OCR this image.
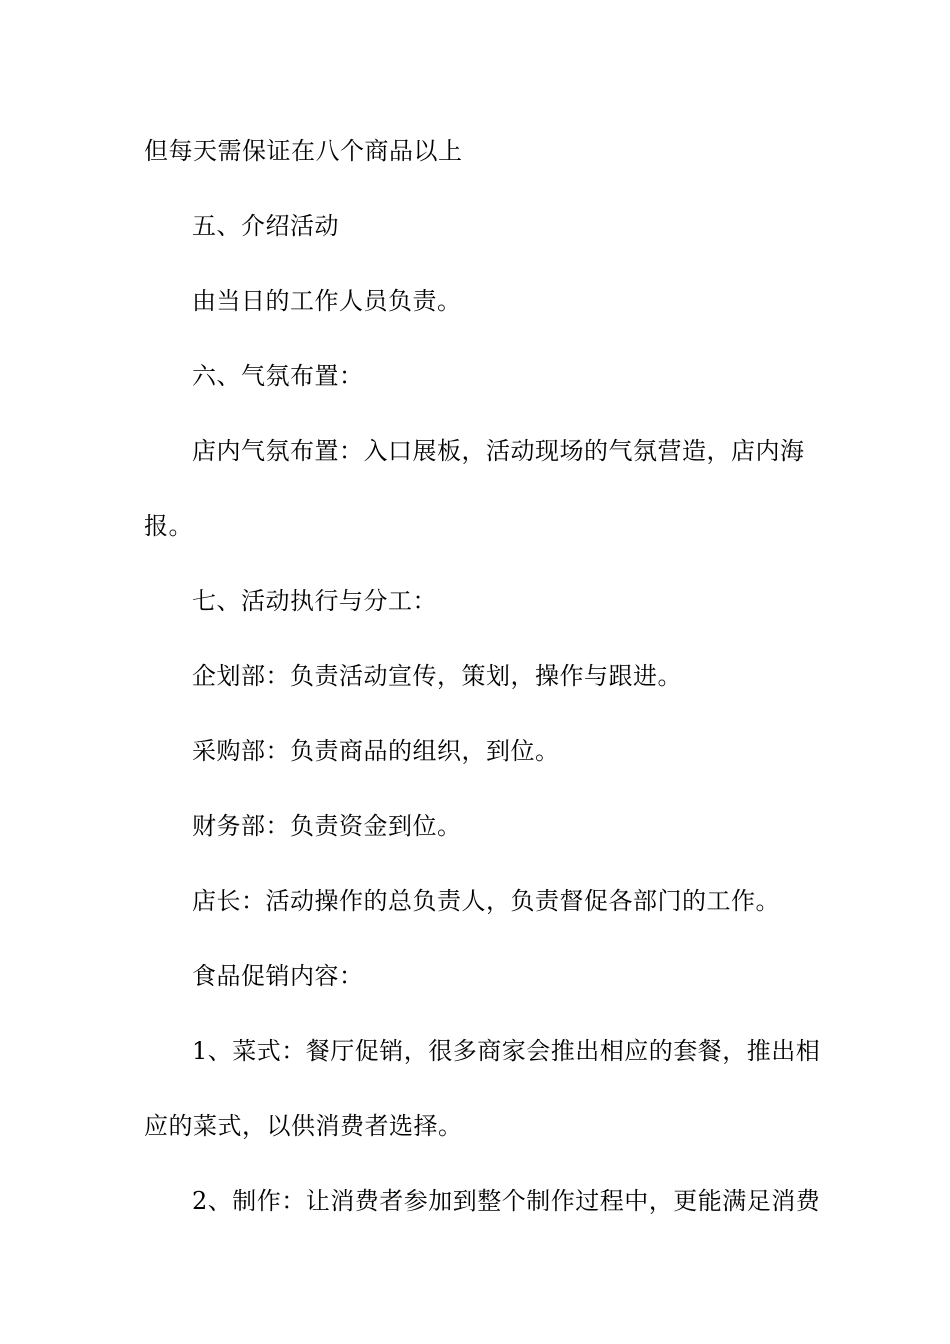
但每天需保证在八个商品以上
五、介绍活动
由当日的工作人员负责。
六、气氛布置：
店内气氛布置：入口展板，活动现场的气氛营造，店内海
报。
七、活动执行与分工：
企划部：负责活动宣传，策划，操作与跟进。
采购部：负责商品的组织，到位。
财务部：负责资金到位。
店长：活动操作的总负责人，负责督促各部门的工作。
食品促销内容：
1、菜式：餐厅促销，很多商家会推出相应的套餐，推出相
应的菜式，以供消费者选择。
2、制作：让消费者参加到整个制作过程中，更能满足消费
